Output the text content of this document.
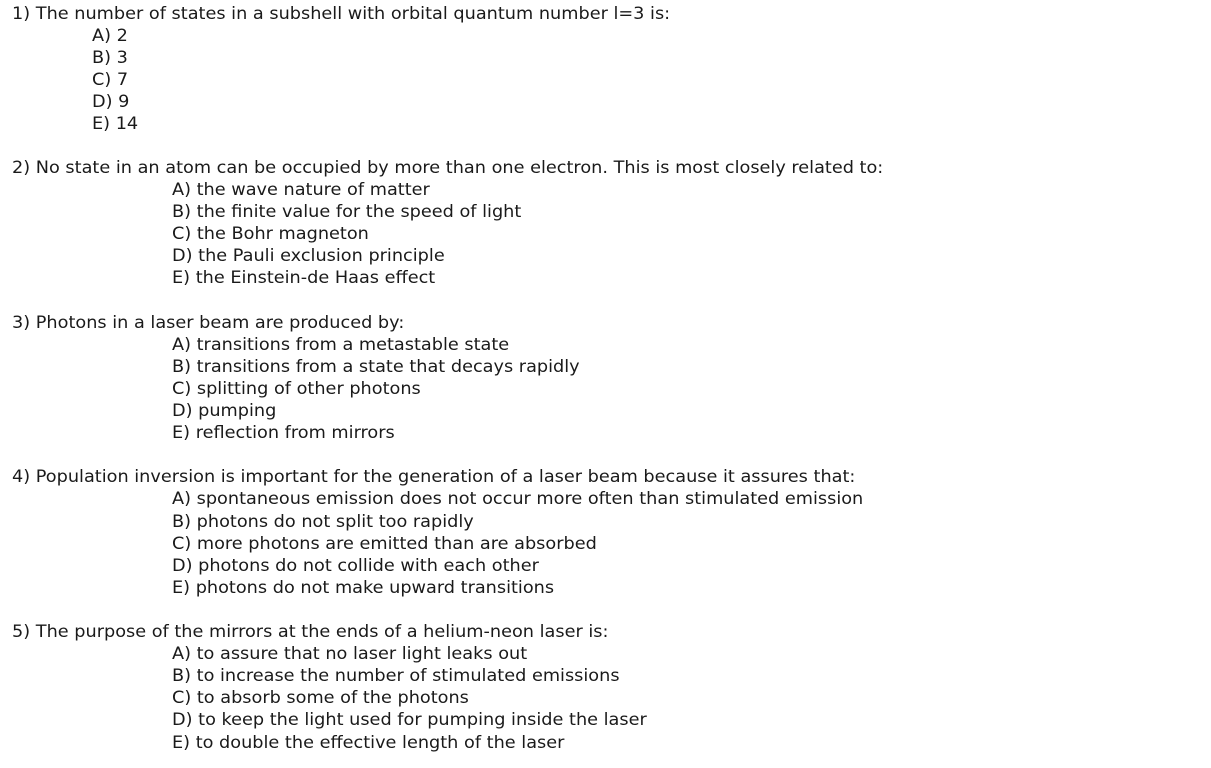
1) The number of states in a subshell with orbital quantum number l=3 is:
A) 2
B) 3
C) 7
D) 9
E) 14
2) No state in an atom can be occupied by more than one electron. This is most closely related to:
A) the wave nature of matter
B) the finite value for the speed of light
C) the Bohr magneton
D) the Pauli exclusion principle
E) the Einstein-de Haas effect
3) Photons in a laser beam are produced by:
A) transitions from a metastable state
B) transitions from a state that decays rapidly
C) splitting of other photons
D) pumping
E) reflection from mirrors
4) Population inversion is important for the generation of a laser beam because it assures that:
A) spontaneous emission does not occur more often than stimulated emission
B) photons do not split too rapidly
C) more photons are emitted than are absorbed
D) photons do not collide with each other
E) photons do not make upward transitions
5) The purpose of the mirrors at the ends of a helium-neon laser is:
A) to assure that no laser light leaks out
B) to increase the number of stimulated emissions
C) to absorb some of the photons
D) to keep the light used for pumping inside the laser
E) to double the effective length of the laser
